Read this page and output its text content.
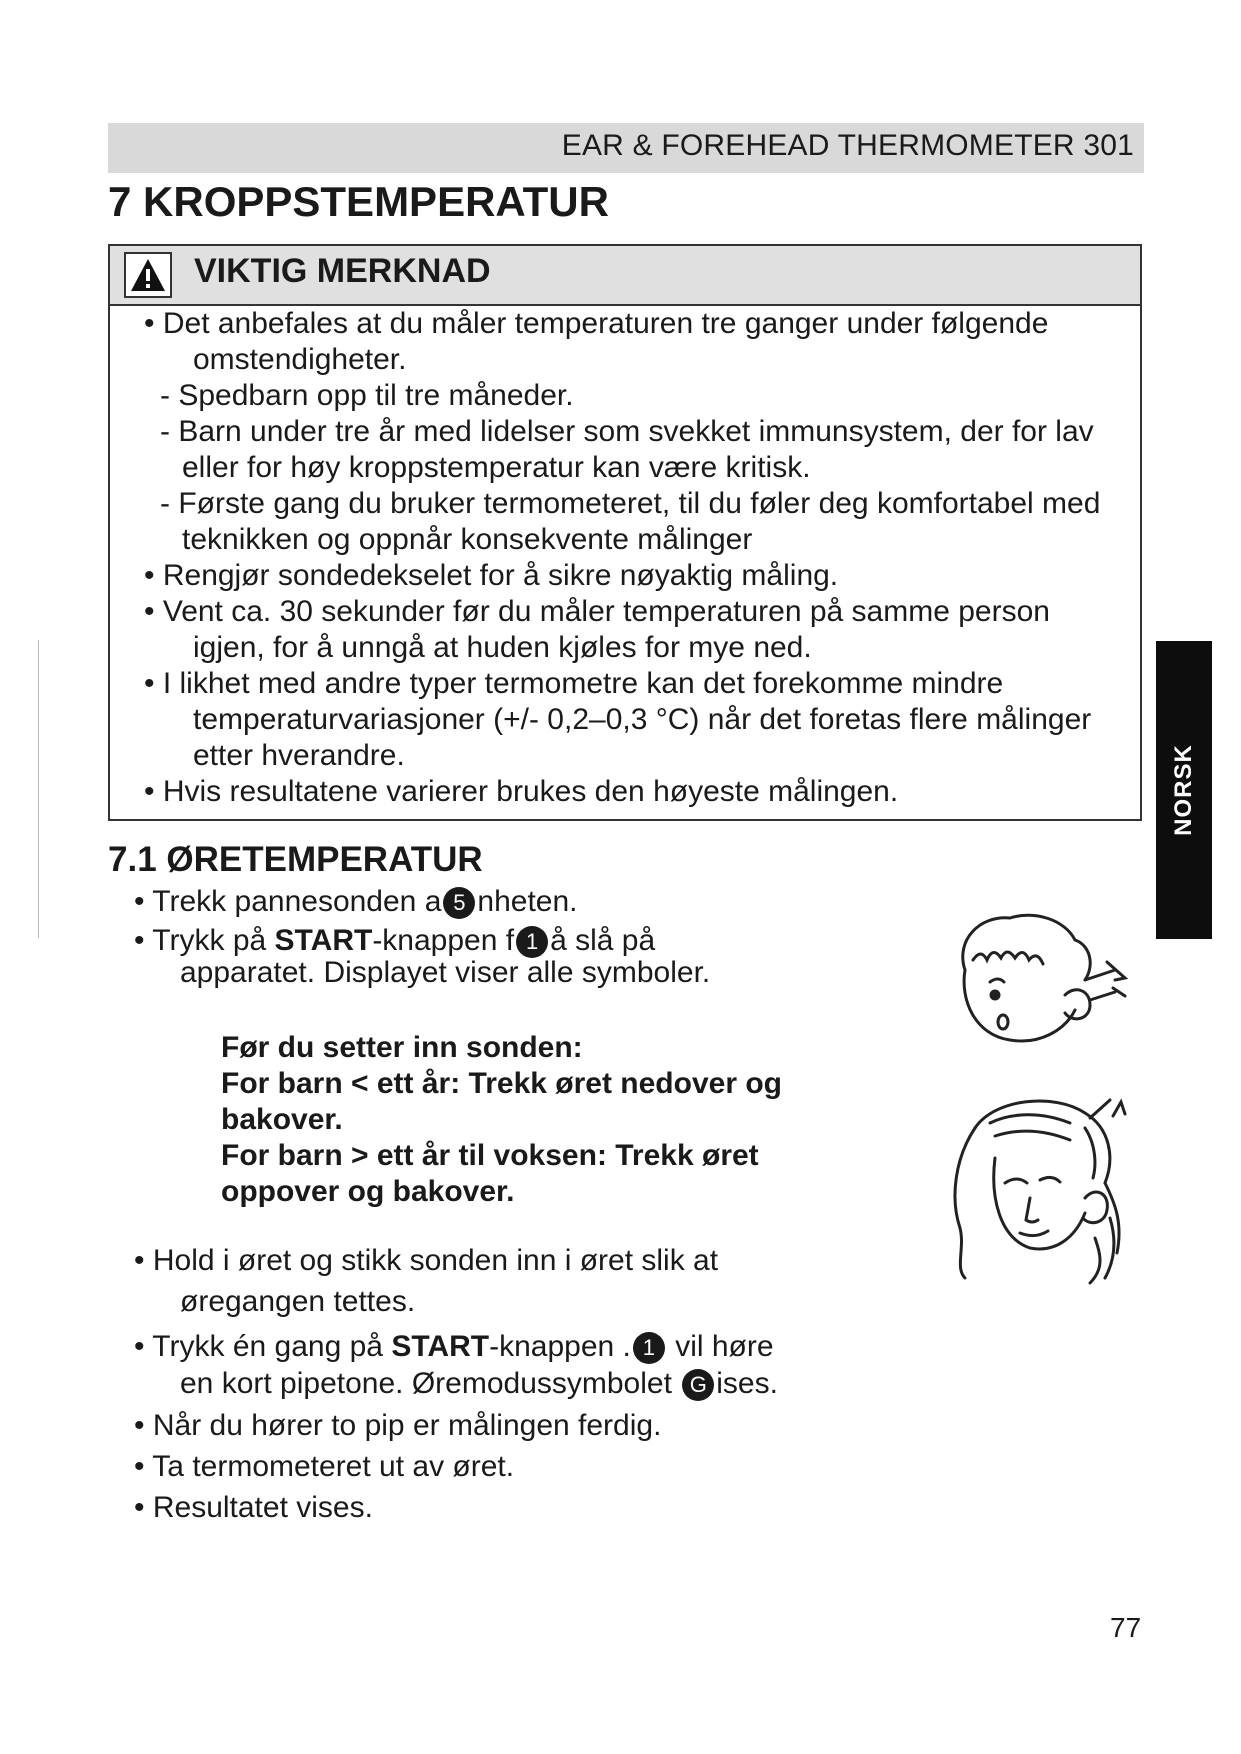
EAR & FOREHEAD THERMOMETER 301
7 KROPPSTEMPERATUR
VIKTIG MERKNAD
• Det anbefales at du måler temperaturen tre ganger under følgende
omstendigheter.
- Spedbarn opp til tre måneder.
- Barn under tre år med lidelser som svekket immunsystem, der for lav
eller for høy kroppstemperatur kan være kritisk.
- Første gang du bruker termometeret, til du føler deg komfortabel med
teknikken og oppnår konsekvente målinger
• Rengjør sondedekselet for å sikre nøyaktig måling.
• Vent ca. 30 sekunder før du måler temperaturen på samme person
igjen, for å unngå at huden kjøles for mye ned.
• I likhet med andre typer termometre kan det forekomme mindre
temperaturvariasjoner (+/- 0,2–0,3 °C) når det foretas flere målinger
etter hverandre.
• Hvis resultatene varierer brukes den høyeste målingen.	NORSK
7.1 ØRETEMPERATUR
• Trekk pannesonden a 5 nheten.
• Trykk på START-knappen f 1 å slå på
apparatet. Displayet viser alle symboler.
Før du setter inn sonden:
For barn < ett år: Trekk øret nedover og
bakover.
For barn > ett år til voksen: Trekk øret
oppover og bakover.
• Hold i øret og stikk sonden inn i øret slik at
øregangen tettes.
• Trykk én gang på START-knappen . 1 vil høre
en kort pipetone. Øremodussymbolet G ises.
• Når du hører to pip er målingen ferdig.
• Ta termometeret ut av øret.
• Resultatet vises.
77
